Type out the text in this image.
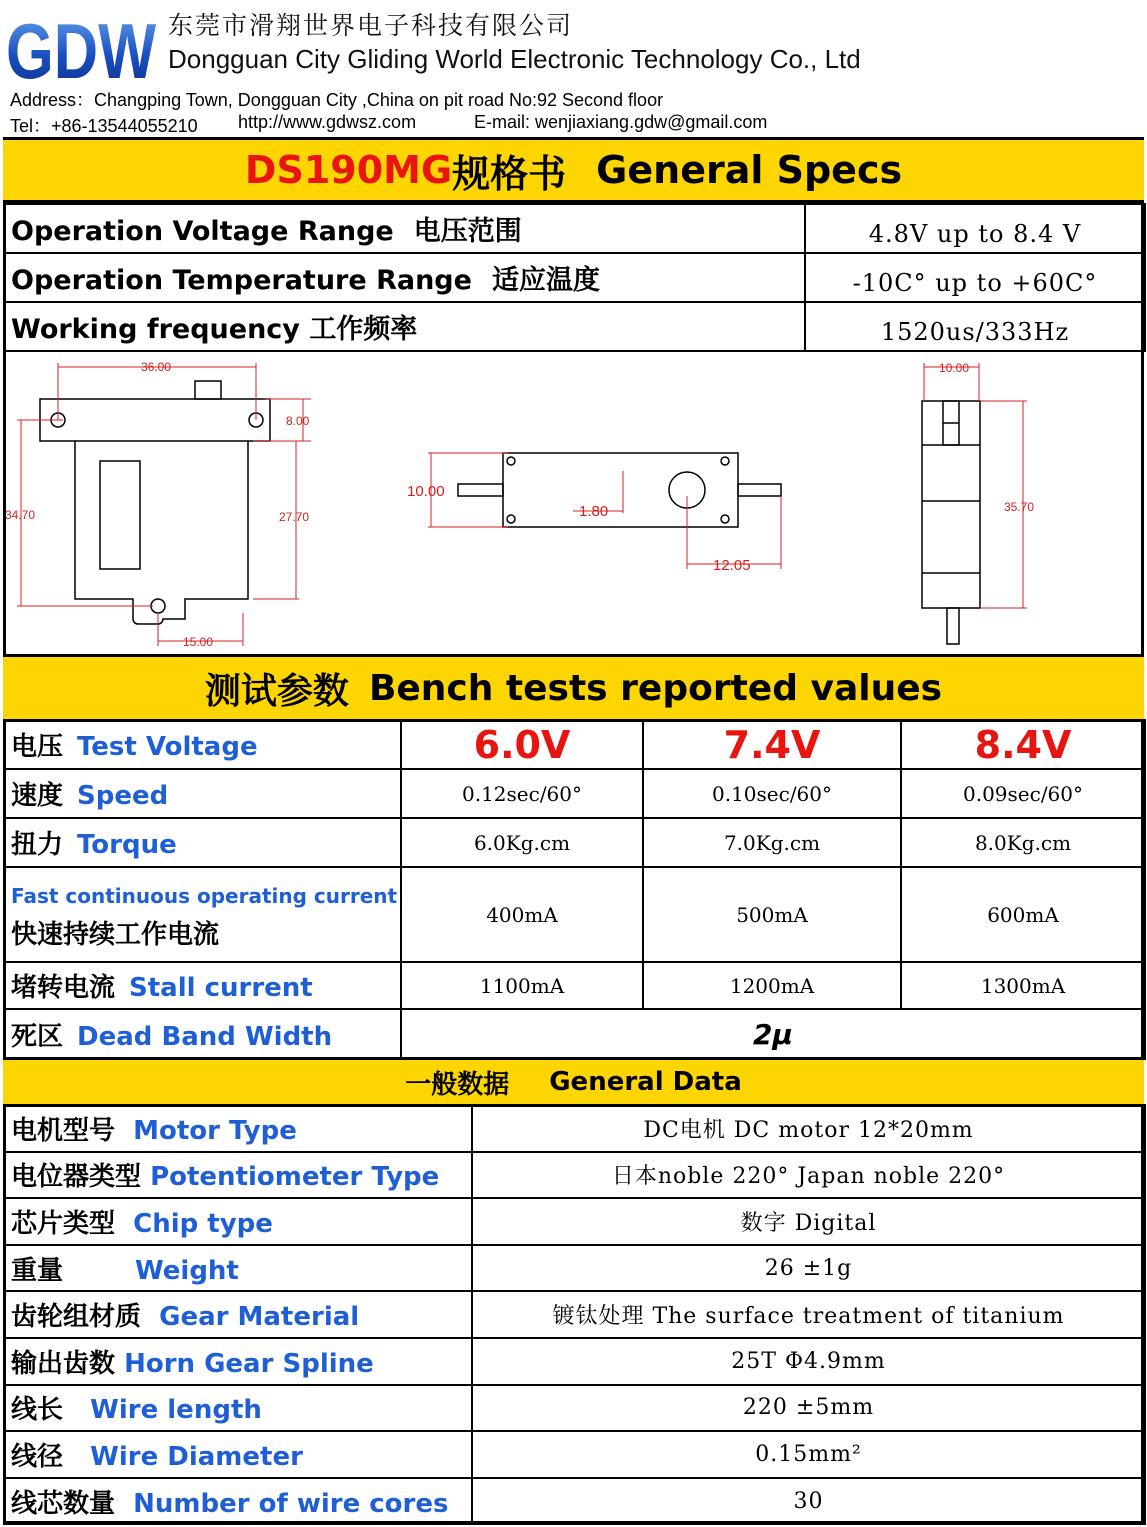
GDW 东莞市滑翔世界电子科技有限公司
Dongguan City Gliding World Electronic Technology Co., Ltd
Address：Changping Town, Dongguan City ,China on pit road No:92 Second floor
Tel：+86-13544055210 http://www.gdwsz.com	E-mail: wenjiaxiang.gdw@gmail.com
DS190MG 规格书 General Specs
Operation Voltage Range 电压范围	4.8V up to 8.4 V
Operation Temperature Range 适应温度	-10C° up to +60C°
Working frequency 工作频率	1520us/333Hz
36.00
8.00
34.70	27.70
15.00
10.00
1.80
12.05
10.00
35.70
测试参数 Bench tests reported values
电压 Test Voltage	6.0V	7.4V	8.4V
速度 Speed	0.12sec/60°	0.10sec/60°	0.09sec/60°
扭力 Torque	6.0Kg.cm	7.0Kg.cm	8.0Kg.cm

Fast continuous operating current
快速持续工作电流	400mA	500mA	600mA
堵转电流 Stall current	1100mA	1200mA	1300mA
死区 Dead Band Width	2μ		
一般数据 General Data
电机型号 Motor Type	DC电机 DC motor 12*20mm
电位器类型 Potentiometer Type	日本noble 220° Japan noble 220°
芯片类型 Chip type	数字 Digital
重量 Weight	26 ±1g
齿轮组材质 Gear Material	镀钛处理 The surface treatment of titanium
输出齿数 Horn Gear Spline	25T Φ4.9mm
线长 Wire length	220 ±5mm
线径 Wire Diameter	0.15mm²
线芯数量 Number of wire cores	30
